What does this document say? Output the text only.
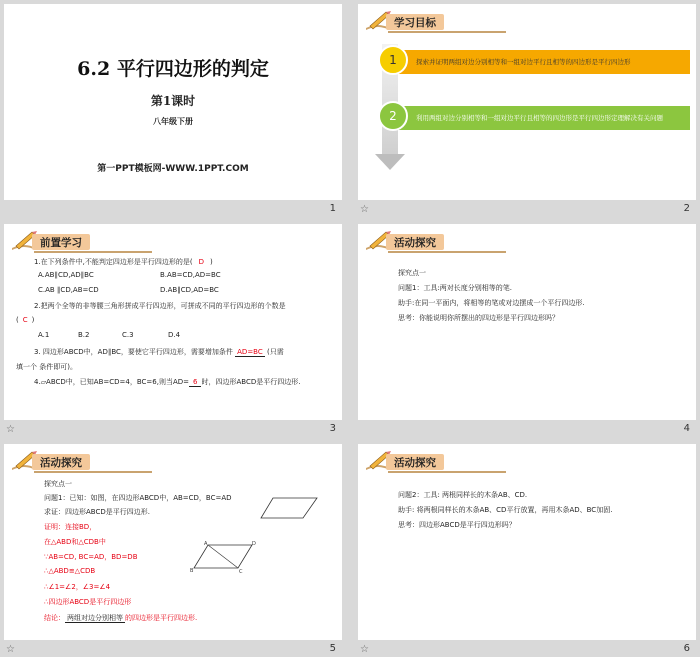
6.2 平行四边形的判定
第1课时
八年级下册
第一PPT模板网-WWW.1PPT.COM
1
学习目标
1	探索并证明两组对边分别相等和一组对边平行且相等的四边形是平行四边形
2	利用两组对边分别相等和一组对边平行且相等的四边形是平行四边形定理解决有关问题
☆	2
前置学习
1.在下列条件中,不能判定四边形是平行四边形的是( D )
A.AB∥CD,AD∥BC	B.AB=CD,AD=BC
C.AB ∥CD,AB=CD	D.AB∥CD,AD=BC
2.把两个全等的非等腰三角形拼成平行四边形，可拼成不同的平行四边形的个数是
( C )
A.1	B.2	C.3	D.4
3. 四边形ABCD中，AD∥BC，要使它平行四边形，需要增加条件 AD=BC (只需
填一个 条件即可)。
4.▱ABCD中，已知AB=CD=4，BC=6,则当AD= 6 时，四边形ABCD是平行四边形.
☆	3
活动探究
探究点一
问题1：工具:两对长度分别相等的笔.
助手:在同一平面内，将相等的笔或对边摆成一个平行四边形.
思考：你能说明你所摆出的四边形是平行四边形吗？
4
活动探究
探究点一
问题1：已知：如图，在四边形ABCD中，AB=CD，BC=AD
求证：四边形ABCD是平行四边形.
证明：连接BD，
在△ABD和△CDB中
∵AB=CD, BC=AD，BD=DB
∴△ABD≌△CDB
∴∠1=∠2，∠3=∠4
∴四边形ABCD是平行四边形
结论： 两组对边分别相等 的四边形是平行四边形.
A
B	C
D
☆	5
活动探究
问题2：工具: 两根同样长的木条AB、CD.
助手: 将两根同样长的木条AB、CD平行放置，再用木条AD、BC加固.
思考：四边形ABCD是平行四边形吗？
☆	6
